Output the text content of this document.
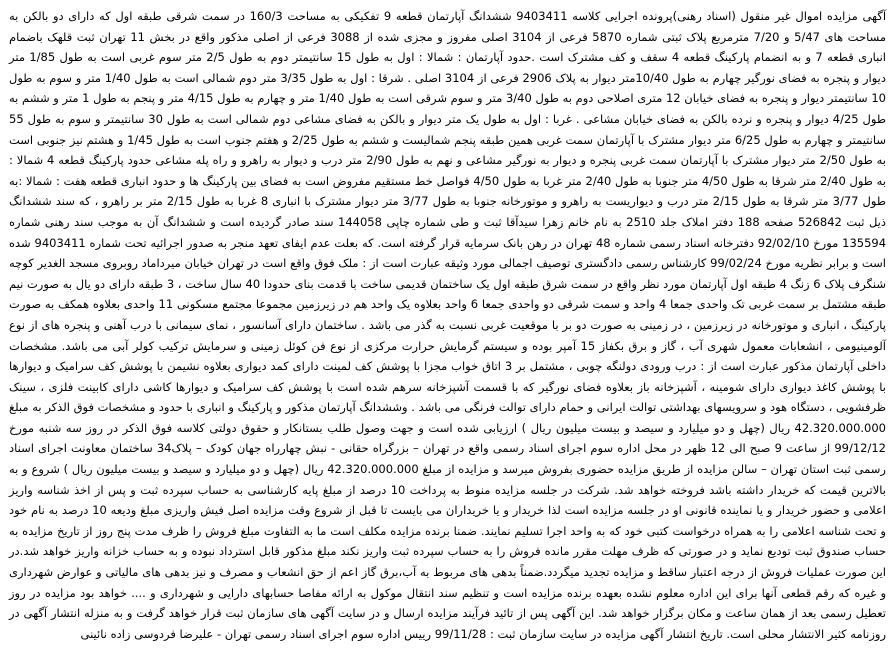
آگهی مزایده اموال غیر منقول (اسناد رهنی)پرونده اجرایی کلاسه 9403411 ششدانگ آپارتمان قطعه 9 تفکیکی به مساحت 160/3 در سمت شرقی طبقه اول که دارای دو بالکن به مساحت های 5/47 و 7/20 مترمربع پلاک ثبتی شماره 5870 فرعی از 3104 اصلی مفروز و مجزی شده از 3088 فرعی از اصلی مذکور واقع در بخش 11 تهران ثبت قلهک باضمام انباری قطعه 7 و به انضمام پارکینگ قطعه 4 سقف و کف مشترک است .حدود آپارتمان : شمالا : اول به طول 15 سانتیمتر دوم به طول 2/5 متر سوم غربی است به طول 1/85 متر دیوار و پنجره به فضای نورگیر چهارم به طول 10/40متر دیوار به پلاک 2906 فرعی از 3104 اصلی . شرقا : اول به طول 3/35 متر دوم شمالی است به طول 1/40 متر و سوم به طول 10 سانتیمتر دیوار و پنجره به فضای خیابان 12 متری اصلاحی دوم به طول 3/40 متر و سوم شرقی است به طول 1/40 متر و چهارم به طول 4/15 متر و پنجم به طول 1 متر و ششم به طول 4/25 دیوار و پنجره و نرده بالکن به فضای خیابان مشاعی . غربا : اول به طول یک متر دیوار و بالکن به فضای مشاعی دوم شمالی است به طول 30 سانتیمتر و سوم به طول 55 سانتیمتر و چهارم به طول 6/25 متر دیوار مشترک با آپارتمان سمت غربی همین طبقه پنجم شمالیست و ششم به طول 2/25 و هفتم جنوب است به طول 1/45 و هشتم نیز جنوبی است به طول 2/50 متر دیوار مشترک با آپارتمان سمت غربی پنجره و دیوار به نورگیر مشاعی و نهم به طول 2/90 متر درب و دیوار به راهرو و راه پله مشاعی حدود پارکینگ قطعه 4 شمالا : به طول 2/40 متر شرقا به طول 4/50 متر جنوبا به طول 2/40 متر غربا به طول 4/50 فواصل خط مستقیم مفروض است به فضای بین پارکینگ ها و حدود انباری قطعه هفت : شمالا :به طول 3/77 متر شرقا به طول 2/15 متر درب و دیواریست به راهرو و موتورخانه جنوبا به طول 3/77 متر دیوار مشترک با انباری 8 غربا به طول 2/15 متر بر راهرو ، که سند ششدانگ ذیل ثبت 526842 صفحه 188 دفتر املاک جلد 2510 به نام خانم زهرا سیدآقا ثبت و طی شماره چاپی 144058 سند صادر گردیده است و ششدانگ آن به موجب سند رهنی شماره 135594 مورخ 92/02/10 دفترخانه اسناد رسمی شماره 48 تهران در رهن بانک سرمایه قرار گرفته است. که بعلت عدم ایفای تعهد منجر به صدور اجرائیه تحت شماره 9403411 شده است و برابر نظریه مورخ 99/02/24 کارشناس رسمی دادگستری توصیف اجمالی مورد وثیقه عبارت است از : ملک فوق واقع است در تهران خیابان میرداماد روبروی مسجد الغدیر کوچه شنگرف پلاک 6 زنگ 4 طبقه اول آپارتمان مورد نظر واقع در سمت شرق طبقه اول یک ساختمان قدیمی ساخت با قدمت بنای حدودا 40 سال ساخت ، 3 طبقه دارای دو یال به صورت نیم طبقه مشتمل بر سمت غربی تک واحدی جمعا 4 واحد و سمت شرقی دو واحدی جمعا 6 واحد بعلاوه یک واحد هم در زیرزمین مجموعا مجتمع مسکونی 11 واحدی بعلاوه همکف به صورت پارکینگ ، انباری و موتورخانه در زیرزمین ، در زمینی به صورت دو بر با موقعیت غربی نسبت به گذر می باشد . ساختمان دارای آسانسور ، نمای سیمانی با درب آهنی و پنجره های از نوع آلومینیومی ، انشعابات معمول شهری آب ، گاز و برق بکفاز 15 آمپر بوده و سیستم گرمایش حرارت مرکزی از نوع فن کوئل زمینی و سرمایش ترکیب کولر آبی می باشد. مشخصات داخلی آپارتمان مذکور عبارت است از : درب ورودی دولنگه چوبی ، مشتمل بر 3 اتاق خواب مجزا با پوشش کف لمینت دارای کمد دیواری بعلاوه نشیمن با پوشش کف سرامیک و دیوارها با پوشش کاغذ دیواری دارای شومینه ، آشپزخانه باز بعلاوه فضای نورگیر که با قسمت آشپزخانه سرهم شده است با پوشش کف سرامیک و دیوارها کاشی دارای کابینت فلزی ، سینک ظرفشویی ، دستگاه هود و سرویسهای بهداشتی توالت ایرانی و حمام دارای توالت فرنگی می باشد . وششدانگ آپارتمان مذکور و پارکینگ و انباری با حدود و مشخصات فوق الذکر به مبلغ 42.320.000.000 ریال (چهل و دو میلیارد و سیصد و بیست میلیون ریال ) ارزیابی شده است و جهت وصول طلب بستانکار و حقوق دولتی کلاسه فوق الذکر در روز سه شنبه مورخ 99/12/12 از ساعت 9 صبح الی 12 ظهر در محل اداره سوم اجرای اسناد رسمی واقع در تهران – بزرگراه حقانی - نبش چهارراه جهان کودک – پلاک34 ساختمان معاونت اجرای اسناد رسمی ثبت استان تهران – سالن مزایده از طریق مزایده حضوری بفروش میرسد و مزایده از مبلغ 42.320.000.000 ریال (چهل و دو میلیارد و سیصد و بیست میلیون ریال ) شروع و به بالاترین قیمت که خریدار داشته باشد فروخته خواهد شد. شرکت در جلسه مزایده منوط به پرداخت 10 درصد از مبلغ پایه کارشناسی به حساب سپرده ثبت و پس از اخذ شناسه واریز اعلامی و حضور خریدار و یا نماینده قانونی او در جلسه مزایده است لذا خریدار و یا خریداران می بایست تا قبل از شروع وقت مزایده اصل فیش واریزی مبلغ ودیعه 10 درصد به نام خود و تحت شناسه اعلامی را به همراه درخواست کتبی خود که به واحد اجرا تسلیم نمایند. ضمنا برنده مزایده مکلف است ما به التفاوت مبلغ فروش را ظرف مدت پنج روز از تاریخ مزایده به حساب صندوق ثبت تودیع نماید و در صورتی که ظرف مهلت مقرر مانده فروش را به حساب سپرده ثبت واریز نکند مبلغ مذکور قابل استرداد نبوده و به حساب خزانه واریز خواهد شد.در این صورت عملیات فروش از درجه اعتبار ساقط و مزایده تجدید میگردد.ضمناً بدهی های مربوط به آب،برق گاز اعم از حق انشعاب و مصرف و نیز بدهی های مالیاتی و عوارض شهرداری و غیره که رقم قطعی آنها برای این اداره معلوم نشده بعهده برنده مزایده است و تنظیم سند انتقال موکول به ارائه مفاصا حسابهای دارایی و شهرداری و .... خواهد بود مزایده در روز تعطیل رسمی بعد از همان ساعت و مکان برگزار خواهد شد. این آگهی پس از تائید فرآیند مزایده ارسال و در سایت آگهی های سازمان ثبت قرار خواهد گرفت و به منزله انتشار آگهی در روزنامه کثیر الانتشار محلی است. تاریخ انتشار آگهی مزایده در سایت سازمان ثبت : 99/11/28 رییس اداره سوم اجرای اسناد رسمی تهران - علیرضا فردوسی زاده نائینی
